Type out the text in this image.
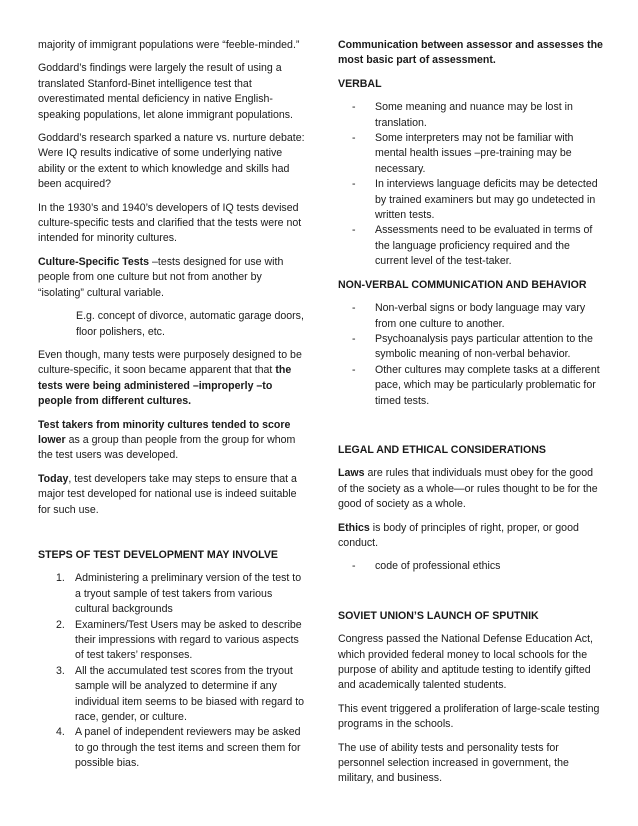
majority of immigrant populations were “feeble-minded.”

Goddard’s findings were largely the result of using a translated Stanford-Binet intelligence test that overestimated mental deficiency in native English-speaking populations, let alone immigrant populations.

Goddard’s research sparked a nature vs. nurture debate: Were IQ results indicative of some underlying native ability or the extent to which knowledge and skills had been acquired?

In the 1930’s and 1940’s developers of IQ tests devised culture-specific tests and clarified that the tests were not intended for minority cultures.

Culture-Specific Tests –tests designed for use with people from one culture but not from another by “isolating” cultural variable.

E.g. concept of divorce, automatic garage doors, floor polishers, etc.

Even though, many tests were purposely designed to be culture-specific, it soon became apparent that that the tests were being administered –improperly –to people from different cultures.

Test takers from minority cultures tended to score lower as a group than people from the group for whom the test users was developed.

Today, test developers take may steps to ensure that a major test developed for national use is indeed suitable for such use.

STEPS OF TEST DEVELOPMENT MAY INVOLVE
1. Administering a preliminary version of the test to a tryout sample of test takers from various cultural backgrounds
2. Examiners/Test Users may be asked to describe their impressions with regard to various aspects of test takers’ responses.
3. All the accumulated test scores from the tryout sample will be analyzed to determine if any individual item seems to be biased with regard to race, gender, or culture.
4. A panel of independent reviewers may be asked to go through the test items and screen them for possible bias.
Communication between assessor and assesses the most basic part of assessment.
VERBAL
- Some meaning and nuance may be lost in translation.
- Some interpreters may not be familiar with mental health issues –pre-training may be necessary.
- In interviews language deficits may be detected by trained examiners but may go undetected in written tests.
- Assessments need to be evaluated in terms of the language proficiency required and the current level of the test-taker.
NON-VERBAL COMMUNICATION AND BEHAVIOR
- Non-verbal signs or body language may vary from one culture to another.
- Psychoanalysis pays particular attention to the symbolic meaning of non-verbal behavior.
- Other cultures may complete tasks at a different pace, which may be particularly problematic for timed tests.
LEGAL AND ETHICAL CONSIDERATIONS

Laws are rules that individuals must obey for the good of the society as a whole—or rules thought to be for the good of society as a whole.

Ethics is body of principles of right, proper, or good conduct.

- code of professional ethics
SOVIET UNION’S LAUNCH OF SPUTNIK

Congress passed the National Defense Education Act, which provided federal money to local schools for the purpose of ability and aptitude testing to identify gifted and academically talented students.

This event triggered a proliferation of large-scale testing programs in the schools.

The use of ability tests and personality tests for personnel selection increased in government, the military, and business.
